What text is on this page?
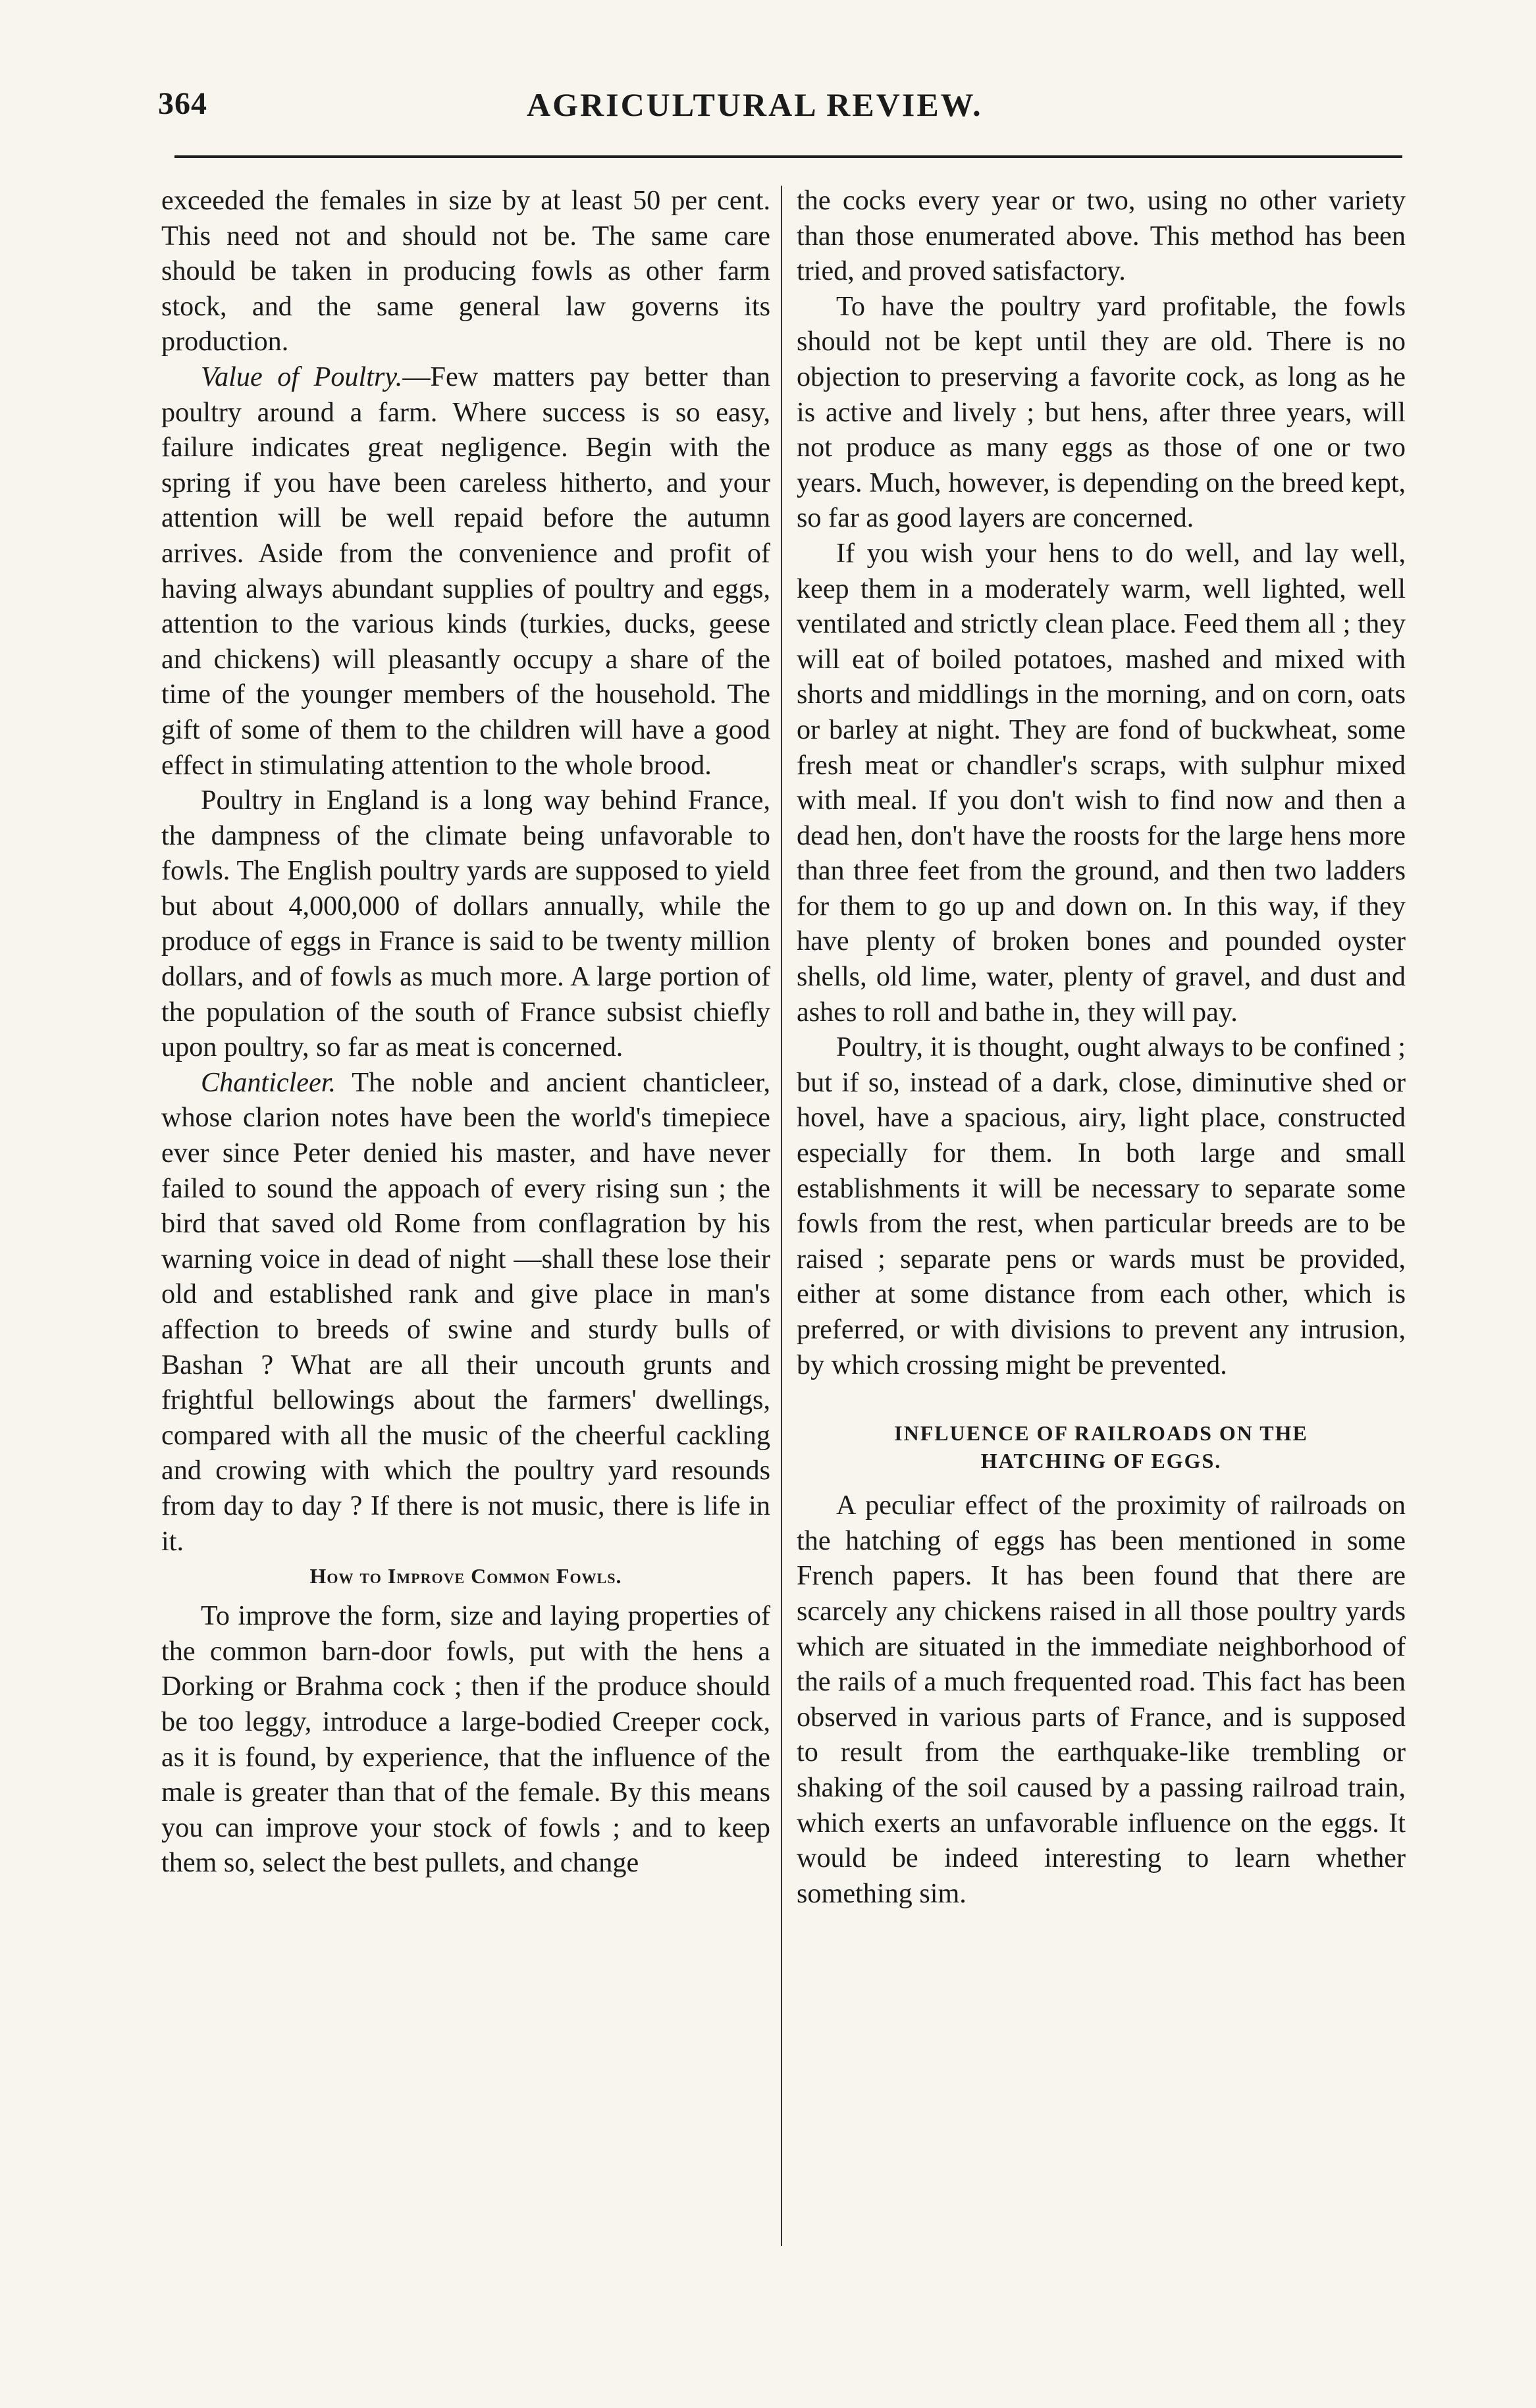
364	AGRICULTURAL REVIEW.

exceeded the females in size by at least 50 per cent. This need not and should not be. The same care should be taken in producing fowls as other farm stock, and the same general law governs its production.

Value of Poultry.—Few matters pay better than poultry around a farm. Where success is so easy, failure indicates great negligence. Begin with the spring if you have been careless hitherto, and your attention will be well repaid before the autumn arrives. Aside from the convenience and profit of having always abundant supplies of poultry and eggs, attention to the various kinds (turkies, ducks, geese and chickens) will pleasantly occupy a share of the time of the younger members of the household. The gift of some of them to the children will have a good effect in stimulating attention to the whole brood.

Poultry in England is a long way behind France, the dampness of the climate being unfavorable to fowls. The English poultry yards are supposed to yield but about 4,000,000 of dollars annually, while the produce of eggs in France is said to be twenty million dollars, and of fowls as much more. A large portion of the population of the south of France subsist chiefly upon poultry, so far as meat is concerned.

Chanticleer. The noble and ancient chanticleer, whose clarion notes have been the world's timepiece ever since Peter denied his master, and have never failed to sound the appoach of every rising sun ; the bird that saved old Rome from conflagration by his warning voice in dead of night —shall these lose their old and established rank and give place in man's affection to breeds of swine and sturdy bulls of Bashan ? What are all their uncouth grunts and frightful bellowings about the farmers' dwellings, compared with all the music of the cheerful cackling and crowing with which the poultry yard resounds from day to day ? If there is not music, there is life in it.

How to Improve Common Fowls.

To improve the form, size and laying properties of the common barn-door fowls, put with the hens a Dorking or Brahma cock ; then if the produce should be too leggy, introduce a large-bodied Creeper cock, as it is found, by experience, that the influence of the male is greater than that of the female. By this means you can improve your stock of fowls ; and to keep them so, select the best pullets, and change

the cocks every year or two, using no other variety than those enumerated above. This method has been tried, and proved satisfactory.

To have the poultry yard profitable, the fowls should not be kept until they are old. There is no objection to preserving a favorite cock, as long as he is active and lively ; but hens, after three years, will not produce as many eggs as those of one or two years. Much, however, is depending on the breed kept, so far as good layers are concerned.

If you wish your hens to do well, and lay well, keep them in a moderately warm, well lighted, well ventilated and strictly clean place. Feed them all ; they will eat of boiled potatoes, mashed and mixed with shorts and middlings in the morning, and on corn, oats or barley at night. They are fond of buckwheat, some fresh meat or chandler's scraps, with sulphur mixed with meal. If you don't wish to find now and then a dead hen, don't have the roosts for the large hens more than three feet from the ground, and then two ladders for them to go up and down on. In this way, if they have plenty of broken bones and pounded oyster shells, old lime, water, plenty of gravel, and dust and ashes to roll and bathe in, they will pay.

Poultry, it is thought, ought always to be confined ; but if so, instead of a dark, close, diminutive shed or hovel, have a spacious, airy, light place, constructed especially for them. In both large and small establishments it will be necessary to separate some fowls from the rest, when particular breeds are to be raised ; separate pens or wards must be provided, either at some distance from each other, which is preferred, or with divisions to prevent any intrusion, by which crossing might be prevented.

INFLUENCE OF RAILROADS ON THE
HATCHING OF EGGS.

A peculiar effect of the proximity of railroads on the hatching of eggs has been mentioned in some French papers. It has been found that there are scarcely any chickens raised in all those poultry yards which are situated in the immediate neighborhood of the rails of a much frequented road. This fact has been observed in various parts of France, and is supposed to result from the earthquake-like trembling or shaking of the soil caused by a passing railroad train, which exerts an unfavorable influence on the eggs. It would be indeed interesting to learn whether something sim.
